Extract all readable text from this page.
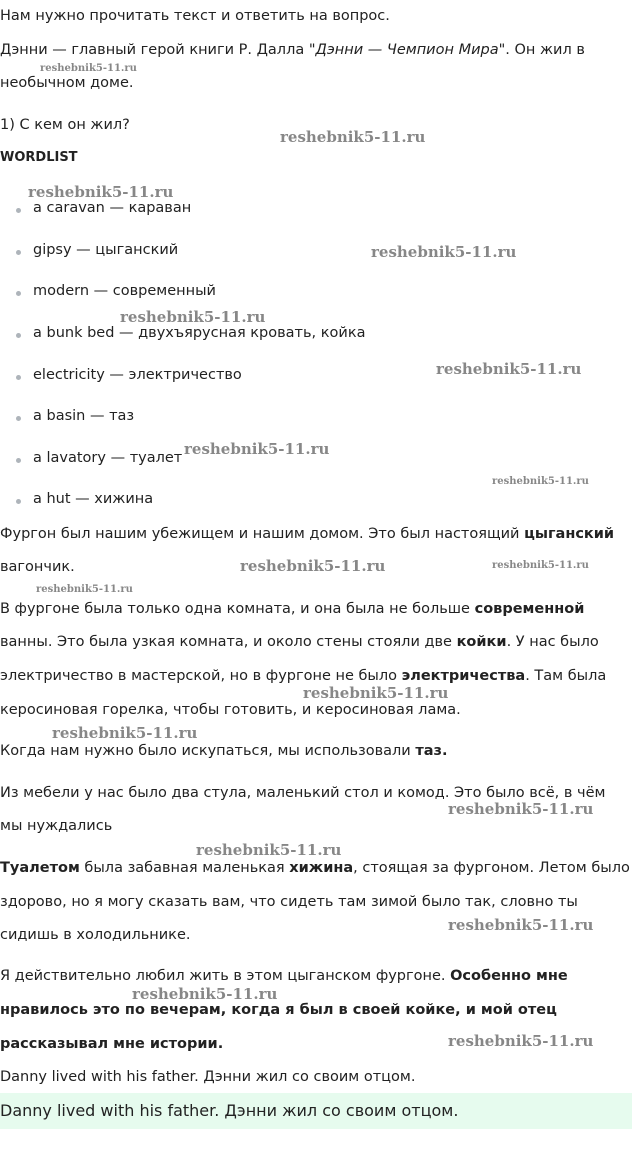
Нам нужно прочитать текст и ответить на вопрос.
Дэнни — главный герой книги Р. Далла "Дэнни — Чемпион Мира". Он жил в
необычном доме.
1) С кем он жил?
WORDLIST
a caravan — караван
gipsy — цыганский
modern — современный
a bunk bed — двухъярусная кровать, койка
electricity — электричество
a basin — таз
a lavatory — туалет
a hut — хижина
Фургон был нашим убежищем и нашим домом. Это был настоящий цыганский
вагончик.
В фургоне была только одна комната, и она была не больше современной
ванны. Это была узкая комната, и около стены стояли две койки. У нас было
электричество в мастерской, но в фургоне не было электричества. Там была
керосиновая горелка, чтобы готовить, и керосиновая лама.
Когда нам нужно было искупаться, мы использовали таз.
Из мебели у нас было два стула, маленький стол и комод. Это было всё, в чём
мы нуждались
Туалетом была забавная маленькая хижина, стоящая за фургоном. Летом было
здорово, но я могу сказать вам, что сидеть там зимой было так, словно ты
сидишь в холодильнике.
Я действительно любил жить в этом цыганском фургоне. Особенно мне
нравилось это по вечерам, когда я был в своей койке, и мой отец
рассказывал мне истории.
Danny lived with his father. Дэнни жил со своим отцом.
Danny lived with his father. Дэнни жил со своим отцом.
reshebnik5-11.ru
reshebnik5-11.ru
reshebnik5-11.ru
reshebnik5-11.ru
reshebnik5-11.ru
reshebnik5-11.ru
reshebnik5-11.ru
reshebnik5-11.ru
reshebnik5-11.ru	reshebnik5-11.ru
reshebnik5-11.ru
reshebnik5-11.ru
reshebnik5-11.ru
reshebnik5-11.ru
reshebnik5-11.ru
reshebnik5-11.ru
reshebnik5-11.ru
reshebnik5-11.ru
